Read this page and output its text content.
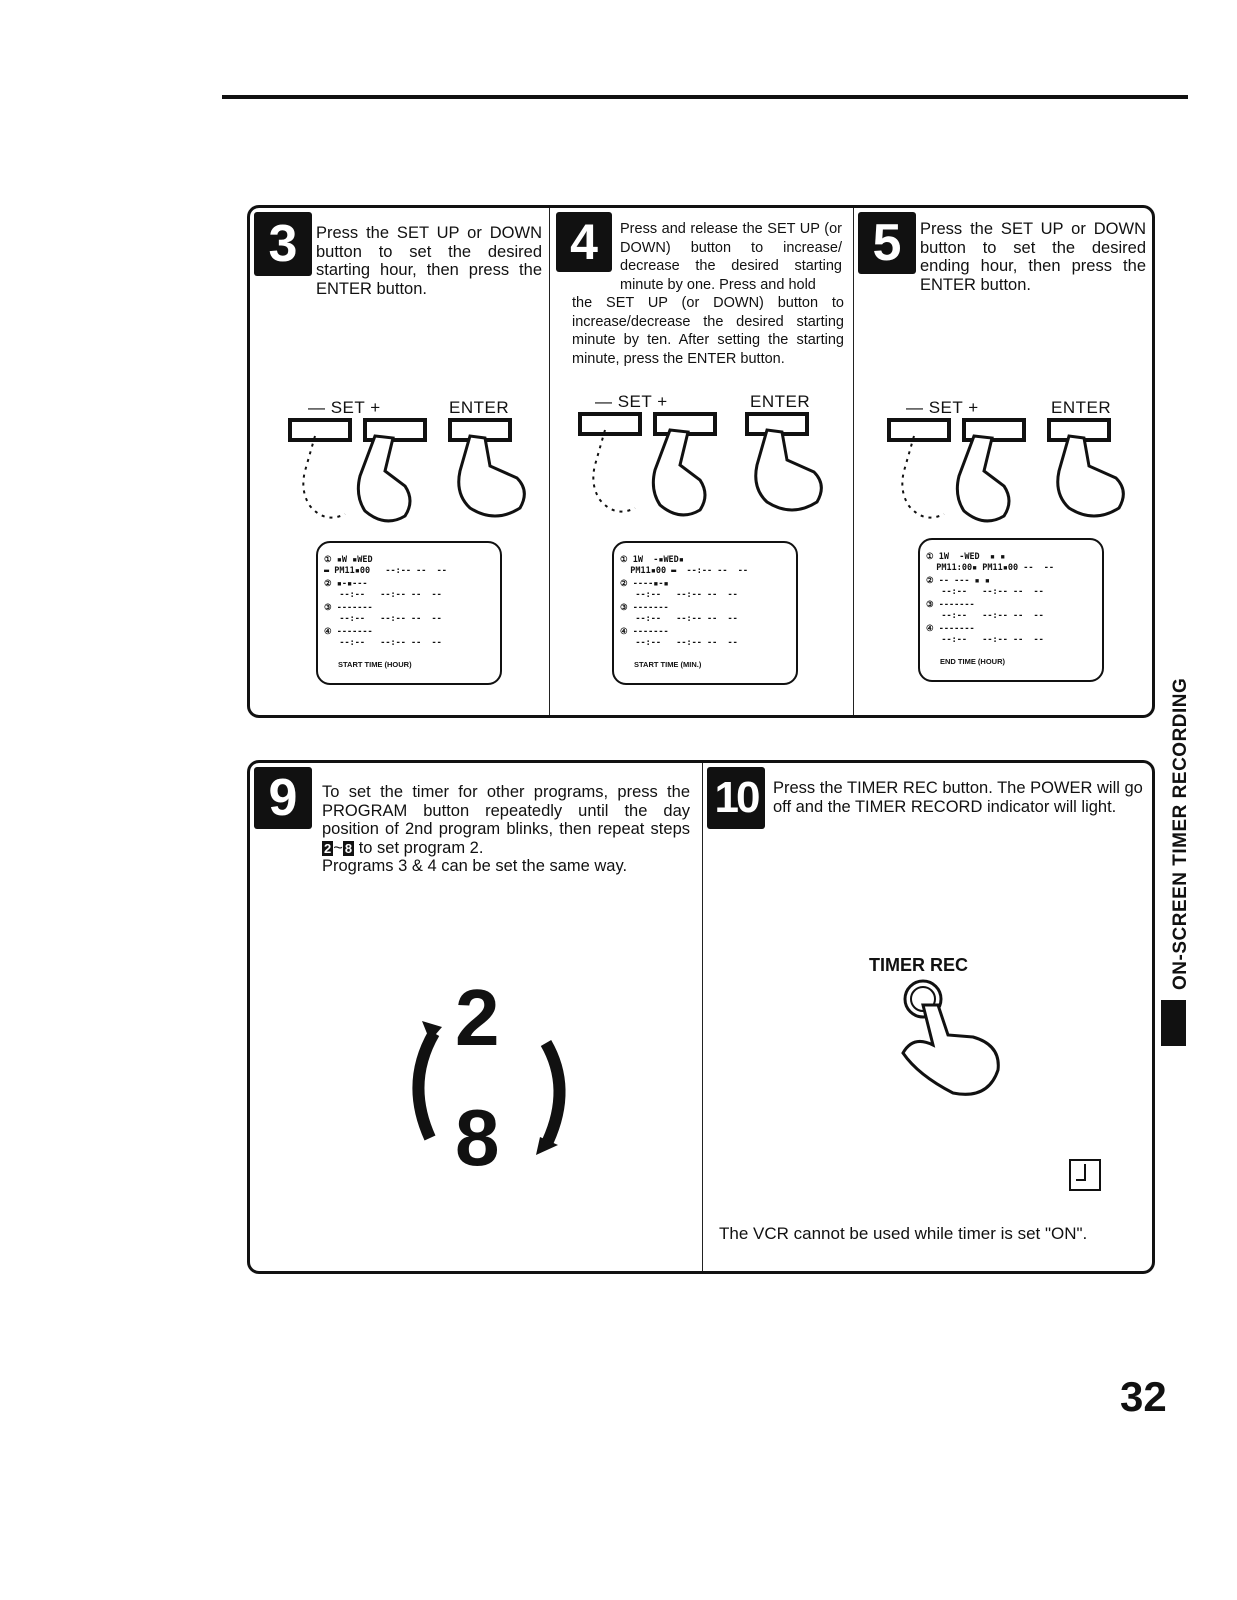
3	Press the SET UP or DOWN button to set the desired starting hour, then press the ENTER button.
— SET +	ENTER
① ▪W ▪WED
▬ PM11▪00   --:-- --  --
② ▪-▪---
--:--   --:-- --  --
③ -------
--:--   --:-- --  --
④ -------
--:--   --:-- --  --
START TIME (HOUR)
4	Press and release the SET UP (or DOWN) button to increase/ decrease the desired starting minute by one. Press and hold
the SET UP (or DOWN) button to increase/decrease the desired starting minute by ten. After setting the starting minute, press the ENTER button.
— SET +	ENTER
① 1W  -▪WED▪
PM11▪00 ▬  --:-- --  --
② ----▪-▪
--:--   --:-- --  --
③ -------
--:--   --:-- --  --
④ -------
--:--   --:-- --  --
START TIME (MIN.)
5	Press the SET UP or DOWN button to set the desired ending hour, then press the ENTER button.
— SET +	ENTER
① 1W  -WED  ▪ ▪
PM11:00▪ PM11▪00 --  --
② -- --- ▪ ▪
--:--   --:-- --  --
③ -------
--:--   --:-- --  --
④ -------
--:--   --:-- --  --
END TIME (HOUR)
9	To set the timer for other programs, press the PROGRAM button repeatedly until the day position of 2nd program blinks, then repeat steps 2 ~ 8 to set program 2.
Programs 3 & 4 can be set the same way.
2
8
10 Press the TIMER REC button. The POWER will go off and the TIMER RECORD indicator will light.
TIMER REC
The VCR cannot be used while timer is set "ON".
ON-SCREEN TIMER RECORDING
32
